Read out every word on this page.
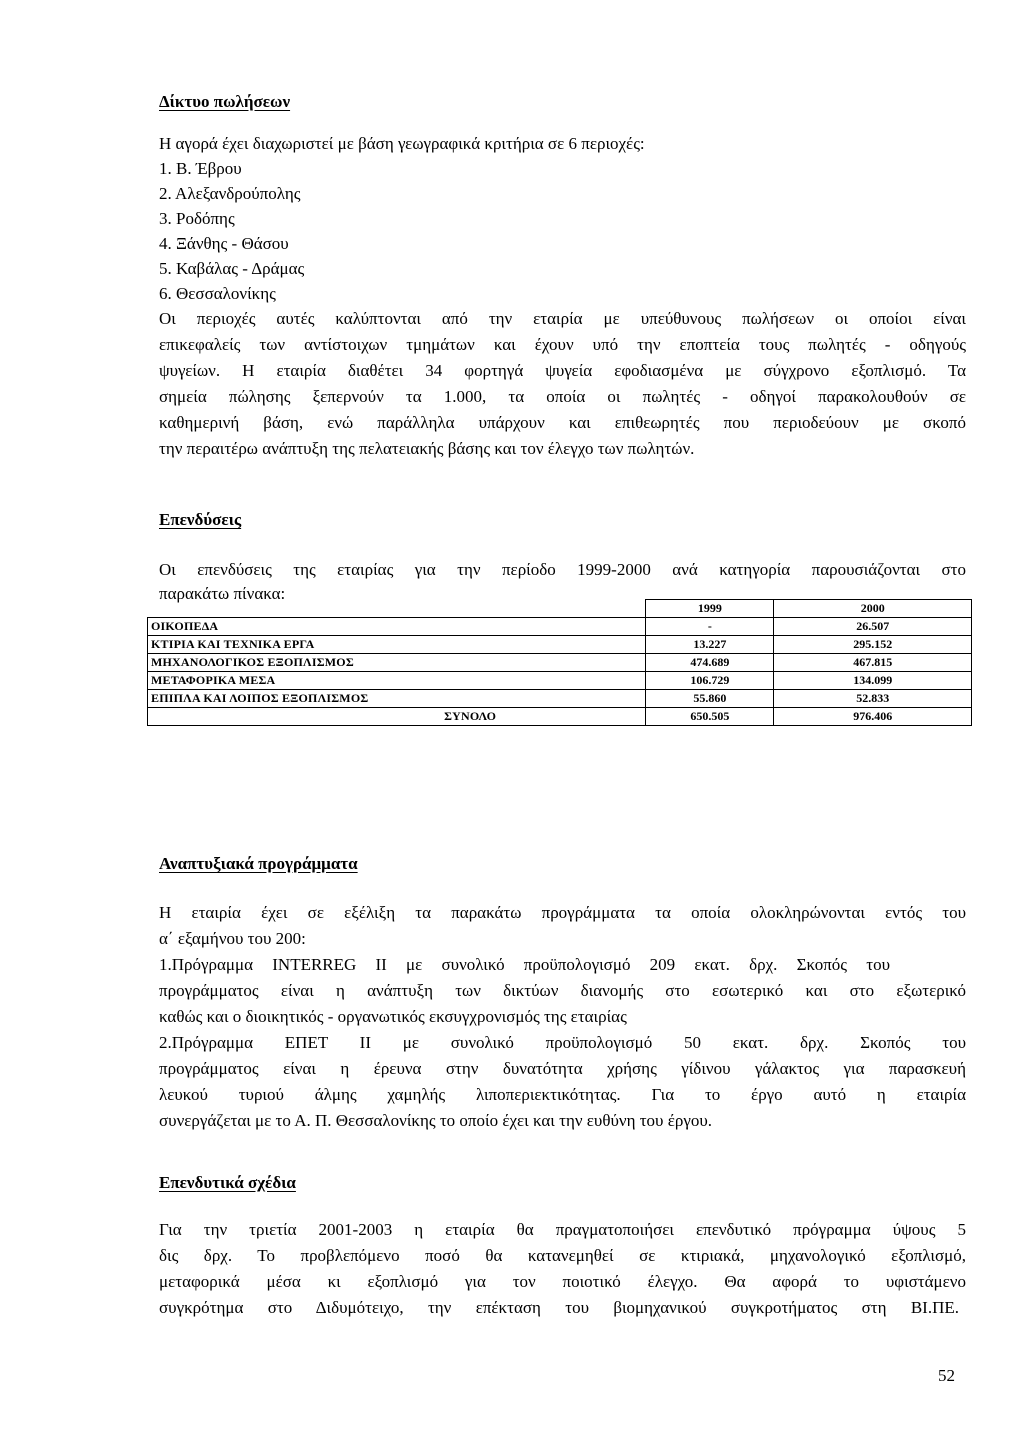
Δίκτυο πωλήσεων
Η αγορά έχει διαχωριστεί με βάση γεωγραφικά κριτήρια σε 6 περιοχές:
1. Β. Έβρου
2. Αλεξανδρούπολης
3. Ροδόπης
4. Ξάνθης - Θάσου
5. Καβάλας - Δράμας
6. Θεσσαλονίκης
Οι περιοχές αυτές καλύπτονται από την εταιρία με υπεύθυνους πωλήσεων οι οποίοι είναι
επικεφαλείς των αντίστοιχων τμημάτων και έχουν υπό την εποπτεία τους πωλητές - οδηγούς
ψυγείων. Η εταιρία διαθέτει 34 φορτηγά ψυγεία εφοδιασμένα με σύγχρονο εξοπλισμό. Τα
σημεία πώλησης ξεπερνούν τα 1.000, τα οποία οι πωλητές - οδηγοί παρακολουθούν σε
καθημερινή βάση, ενώ παράλληλα υπάρχουν και επιθεωρητές που περιοδεύουν με σκοπό
την περαιτέρω ανάπτυξη της πελατειακής βάσης και τον έλεγχο των πωλητών.
Επενδύσεις
Οι επενδύσεις της εταιρίας για την περίοδο 1999-2000 ανά κατηγορία παρουσιάζονται στο
παρακάτω πίνακα:
	1999	2000
ΟΙΚΟΠΕΔΑ	-	26.507
ΚΤΙΡΙΑ ΚΑΙ ΤΕΧΝΙΚΑ ΕΡΓΑ	13.227	295.152
ΜΗΧΑΝΟΛΟΓΙΚΟΣ ΕΞΟΠΛΙΣΜΟΣ	474.689	467.815
ΜΕΤΑΦΟΡΙΚΑ ΜΕΣΑ	106.729	134.099
ΕΠΙΠΛΑ ΚΑΙ ΛΟΙΠΟΣ ΕΞΟΠΛΙΣΜΟΣ	55.860	52.833
ΣΥΝΟΛΟ	650.505	976.406
Αναπτυξιακά προγράμματα
Η εταιρία έχει σε εξέλιξη τα παρακάτω προγράμματα τα οποία ολοκληρώνονται εντός του
α΄ εξαμήνου του 200:
1.Πρόγραμμα INTERREG II με συνολικό προϋπολογισμό 209 εκατ. δρχ. Σκοπός του
προγράμματος είναι η ανάπτυξη των δικτύων διανομής στο εσωτερικό και στο εξωτερικό
καθώς και ο διοικητικός - οργανωτικός εκσυγχρονισμός της εταιρίας
2.Πρόγραμμα ΕΠΕΤ II με συνολικό προϋπολογισμό 50 εκατ. δρχ. Σκοπός του
προγράμματος είναι η έρευνα στην δυνατότητα χρήσης γίδινου γάλακτος για παρασκευή
λευκού τυριού άλμης χαμηλής λιποπεριεκτικότητας. Για το έργο αυτό η εταιρία
συνεργάζεται με το Α. Π. Θεσσαλονίκης το οποίο έχει και την ευθύνη του έργου.
Επενδυτικά σχέδια
Για την τριετία 2001-2003 η εταιρία θα πραγματοποιήσει επενδυτικό πρόγραμμα ύψους 5
δις δρχ. Το προβλεπόμενο ποσό θα κατανεμηθεί σε κτιριακά, μηχανολογικό εξοπλισμό,
μεταφορικά μέσα κι εξοπλισμό για τον ποιοτικό έλεγχο. Θα αφορά το υφιστάμενο
συγκρότημα στο Διδυμότειχο, την επέκταση του βιομηχανικού συγκροτήματος στη ΒΙ.ΠΕ.
52
